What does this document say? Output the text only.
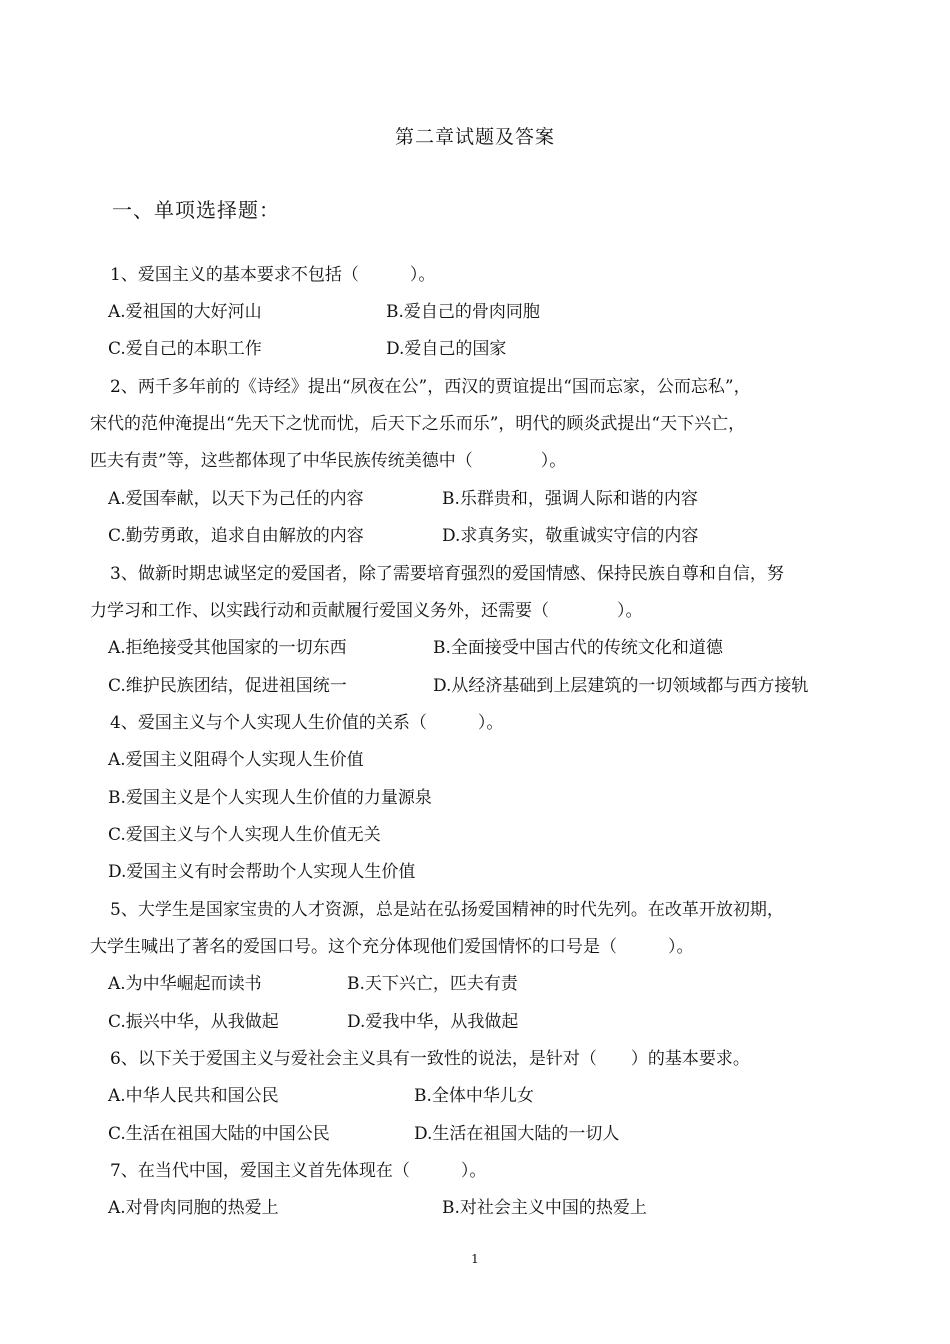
第二章试题及答案
一、单项选择题：
1、爱国主义的基本要求不包括（　　　）。
A.爱祖国的大好河山	B.爱自己的骨肉同胞
C.爱自己的本职工作	D.爱自己的国家
2、两千多年前的《诗经》提出“夙夜在公”，西汉的贾谊提出“国而忘家，公而忘私”，
宋代的范仲淹提出“先天下之忧而忧，后天下之乐而乐”，明代的顾炎武提出“天下兴亡，
匹夫有责”等，这些都体现了中华民族传统美德中（　　　　）。
A.爱国奉献，以天下为己任的内容	B.乐群贵和，强调人际和谐的内容
C.勤劳勇敢，追求自由解放的内容	D.求真务实，敬重诚实守信的内容
3、做新时期忠诚坚定的爱国者，除了需要培育强烈的爱国情感、保持民族自尊和自信，努
力学习和工作、以实践行动和贡献履行爱国义务外，还需要（　　　　）。
A.拒绝接受其他国家的一切东西	B.全面接受中国古代的传统文化和道德
C.维护民族团结，促进祖国统一	D.从经济基础到上层建筑的一切领域都与西方接轨
4、爱国主义与个人实现人生价值的关系（　　　）。
A.爱国主义阻碍个人实现人生价值
B.爱国主义是个人实现人生价值的力量源泉
C.爱国主义与个人实现人生价值无关
D.爱国主义有时会帮助个人实现人生价值
5、大学生是国家宝贵的人才资源，总是站在弘扬爱国精神的时代先列。在改革开放初期，
大学生喊出了著名的爱国口号。这个充分体现他们爱国情怀的口号是（　　　）。
A.为中华崛起而读书	B.天下兴亡，匹夫有责
C.振兴中华，从我做起	D.爱我中华，从我做起
6、以下关于爱国主义与爱社会主义具有一致性的说法，是针对（　　）的基本要求。
A.中华人民共和国公民	B.全体中华儿女
C.生活在祖国大陆的中国公民	D.生活在祖国大陆的一切人
7、在当代中国，爱国主义首先体现在（　　　）。
A.对骨肉同胞的热爱上	B.对社会主义中国的热爱上
1
